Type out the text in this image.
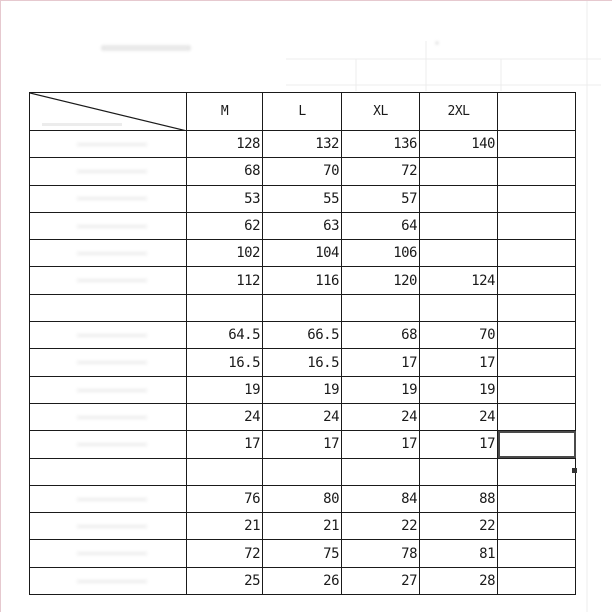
	M	L	XL	2XL	

	128	132	136	140	

	68	70	72		

	53	55	57		

	62	63	64		

	102	104	106		

	112	116	120	124	

	64.5	66.5	68	70	

	16.5	16.5	17	17	

	19	19	19	19	

	24	24	24	24	

	17	17	17	17	

	76	80	84	88	

	21	21	22	22	

	72	75	78	81	

	25	26	27	28	
